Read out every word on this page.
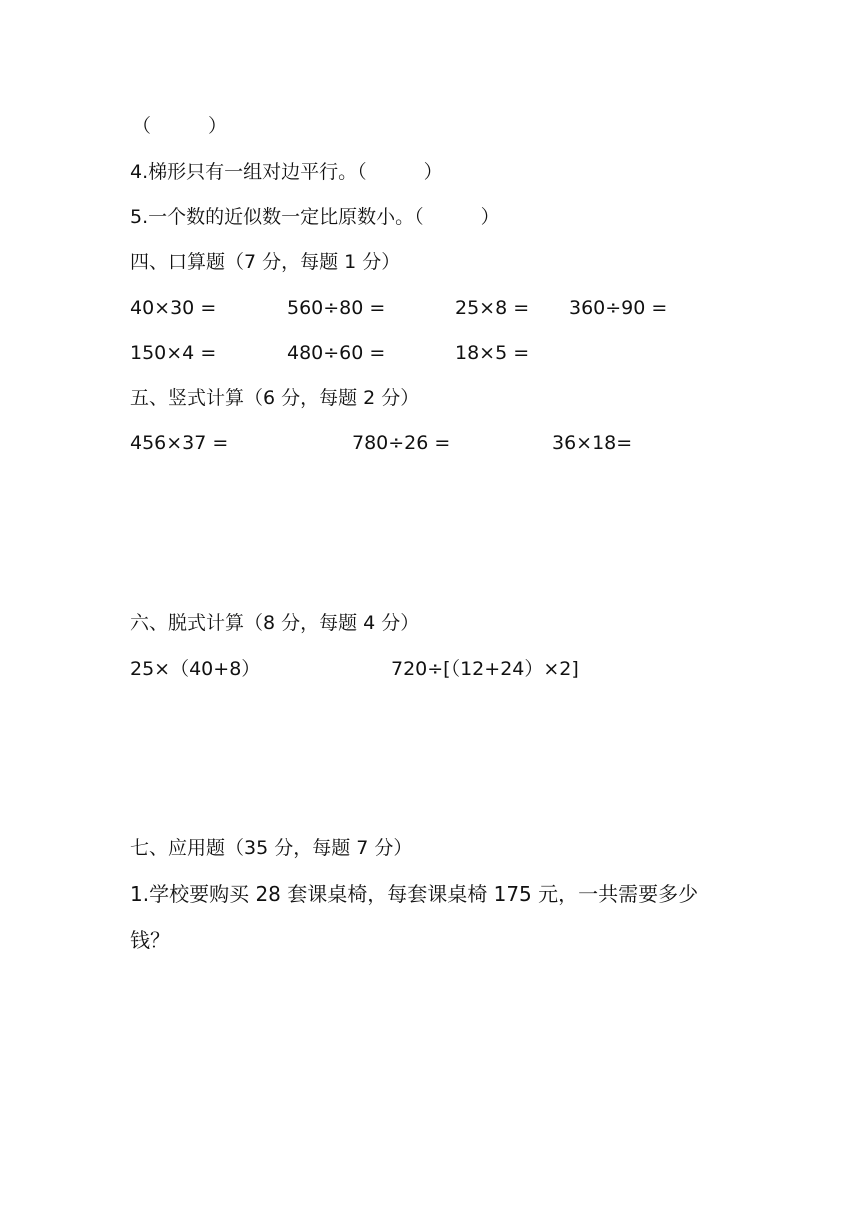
（　　　）
4.梯形只有一组对边平行。（　　　）
5.一个数的近似数一定比原数小。（　　　）
四、口算题（7 分，每题 1 分）
40×30 =	560÷80 =	25×8 = 360÷90 =
150×4 =	480÷60 =	18×5 =
五、竖式计算（6 分，每题 2 分）
456×37 =	780÷26 =	36×18=
六、脱式计算（8 分，每题 4 分）
25×（40+8）	720÷[（12+24）×2]
七、应用题（35 分，每题 7 分）
1.学校要购买 28 套课桌椅，每套课桌椅 175 元，一共需要多少
钱？
